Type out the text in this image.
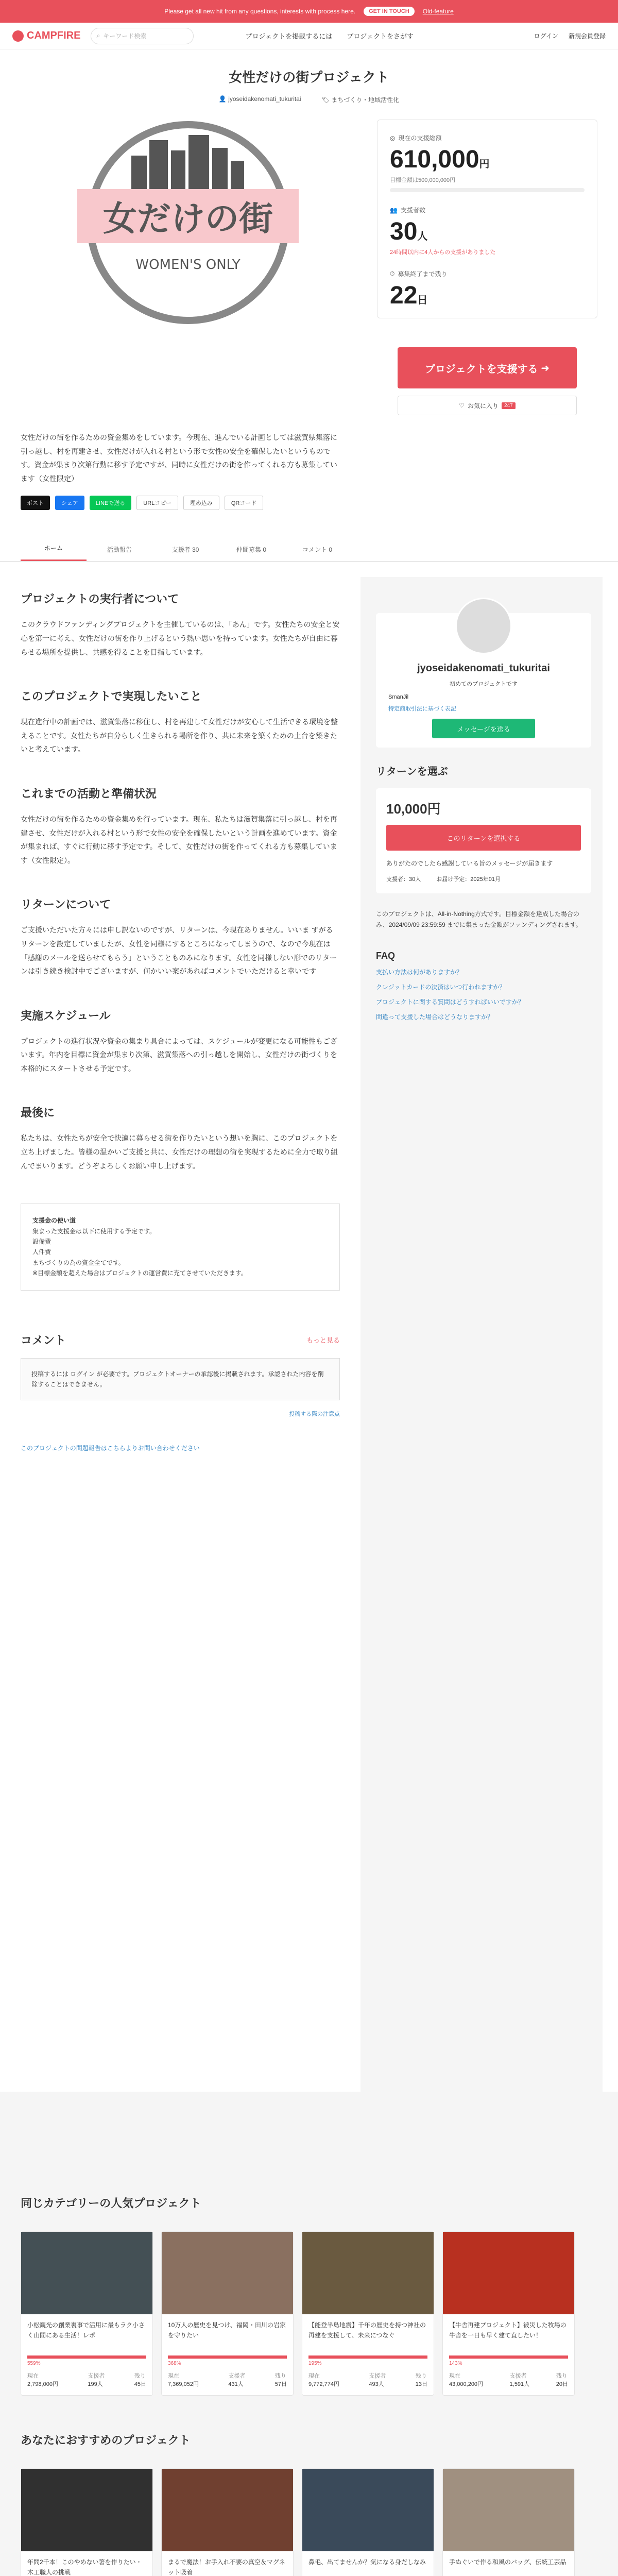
Please get all new hit from any questions, interests with process here.	GET IN TOUCH	Old-feature
CAMPFIRE	⌕ キーワード検索	プロジェクトを掲載するには プロジェクトをさがす	ログイン 新規会員登録
女性だけの街プロジェクト
👤 jyoseidakenomati_tukuritai	🏷 まちづくり・地域活性化
女だけの街
WOMEN'S ONLY
◎ 現在の支援総額
610,000円
目標金額は500,000,000円
👥 支援者数
30人
24時間以内に4人からの支援がありました
⏱ 募集終了まで残り
22日
プロジェクトを支援する ➜
♡ お気に入り	247
女性だけの街を作るための資金集めをしています。今現在、進んでいる計画としては滋賀県集落に引っ越し、村を再建させ、女性だけが入れる村という形で女性の安全を確保したいというものです。資金が集まり次第行動に移す予定ですが、同時に女性だけの街を作ってくれる方も募集しています（女性限定）
ポスト	シェア	LINEで送る	URLコピー	埋め込み	QRコード
ホーム	活動報告	支援者 30	仲間募集 0	コメント 0
プロジェクトの実行者について

このクラウドファンディングプロジェクトを主催しているのは、「あん」です。女性たちの安全と安心を第一に考え、女性だけの街を作り上げるという熱い思いを持っています。女性たちが自由に暮らせる場所を提供し、共感を得ることを目指しています。

このプロジェクトで実現したいこと

現在進行中の計画では、滋賀集落に移住し、村を再建して女性だけが安心して生活できる環境を整えることです。女性たちが自分らしく生きられる場所を作り、共に未来を築くための土台を築きたいと考えています。

これまでの活動と準備状況

女性だけの街を作るための資金集めを行っています。現在、私たちは滋賀集落に引っ越し、村を再建させ、女性だけが入れる村という形で女性の安全を確保したいという計画を進めています。資金が集まれば、すぐに行動に移す予定です。そして、女性だけの街を作ってくれる方も募集しています（女性限定）。

リターンについて

ご支援いただいた方々には申し訳ないのですが、リターンは、今現在ありません。いいま すがるリターンを設定していましたが、女性を同様にするところになってしまうので、なので今現在は「感謝のメールを送らせてもらう」ということものみになります。女性を同様しない形でのリターンは引き続き検討中でございますが、何かいい案があればコメントでいただけると幸いです

実施スケジュール

プロジェクトの進行状況や資金の集まり具合によっては、スケジュールが変更になる可能性もございます。年内を目標に資金が集まり次第、滋賀集落への引っ越しを開始し、女性だけの街づくりを本格的にスタートさせる予定です。

最後に

私たちは、女性たちが安全で快適に暮らせる街を作りたいという想いを胸に、このプロジェクトを立ち上げました。皆様の温かいご支援と共に、女性だけの理想の街を実現するために全力で取り組んでまいります。どうぞよろしくお願い申し上げます。

支援金の使い道
集まった支援金は以下に使用する予定です。
設備費
人件費
まちづくりの為の資金全てです。
※目標金額を超えた場合はプロジェクトの運営費に充てさせていただきます。
コメント	もっと見る
投稿するには ログイン が必要です。プロジェクトオーナーの承認後に掲載されます。承認された内容を削除することはできません。
投稿する際の注意点
このプロジェクトの問題報告はこちらよりお問い合わせください
jyoseidakenomati_tukuritai
初めてのプロジェクトです
SmanJil
特定商取引法に基づく表記
メッセージを送る
リターンを選ぶ
10,000円
このリターンを選択する
ありがたのでしたら感謝している旨のメッセージが届きます
支援者：30人	お届け予定：2025年01月
このプロジェクトは、All-in-Nothing方式です。目標金額を達成した場合のみ、2024/09/09 23:59:59 までに集まった金額がファンディングされます。
FAQ
支払い方法は何がありますか？
クレジットカードの決済はいつ行われますか？
プロジェクトに関する質問はどうすればいいですか？
間違って支援した場合はどうなりますか？
同じカテゴリーの人気プロジェクト
小松観光の創業裏事で活用に最もラク小さく山間にある生活！レポ
559%
現在
2,798,000円
支援者
199人
残り
45日
10万人の歴史を見つけ、福岡・田川の岩家を守りたい
368%
現在
7,369,052円
支援者
431人
残り
57日
【能登半島地震】千年の歴史を持つ神社の再建を支援して、未来につなぐ
195%
現在
9,772,774円
支援者
493人
残り
13日
【牛舎再建プロジェクト】被災した牧場の牛舎を一日も早く建て直したい！
143%
現在
43,000,200円
支援者
1,591人
残り
20日
あなたにおすすめのプロジェクト
年間2千本！このやめない箸を作りたい・木工職人の挑戦
まるで魔法！お手入れ不要の真空＆マグネット吸着
鼻毛、出てませんか？気になる身だしなみ	手ぬぐいで作る和風のバッグ、伝統工芸品
